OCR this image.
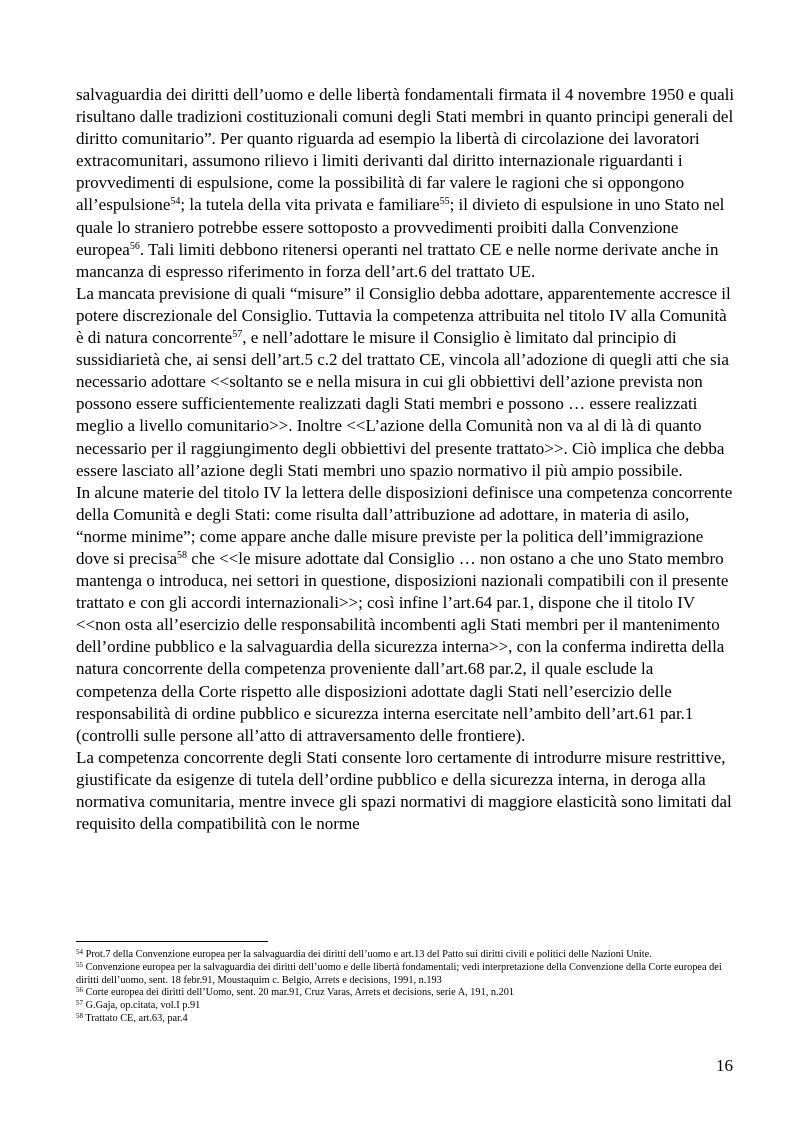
salvaguardia dei diritti dell’uomo e delle libertà fondamentali firmata il 4 novembre 1950 e quali risultano dalle tradizioni costituzionali comuni degli Stati membri in quanto principi generali del diritto comunitario”. Per quanto riguarda ad esempio la libertà di circolazione dei lavoratori extracomunitari, assumono rilievo i limiti derivanti dal diritto internazionale riguardanti i provvedimenti di espulsione, come la possibilità di far valere le ragioni che si oppongono all’espulsione$^{54}$; la tutela della vita privata e familiare$^{55}$; il divieto di espulsione in uno Stato nel quale lo straniero potrebbe essere sottoposto a provvedimenti proibiti dalla Convenzione europea$^{56}$. Tali limiti debbono ritenersi operanti nel trattato CE e nelle norme derivate anche in mancanza di espresso riferimento in forza dell’art.6 del trattato UE.

La mancata previsione di quali “misure” il Consiglio debba adottare, apparentemente accresce il potere discrezionale del Consiglio. Tuttavia la competenza attribuita nel titolo IV alla Comunità è di natura concorrente$^{57}$, e nell’adottare le misure il Consiglio è limitato dal principio di sussidiarietà che, ai sensi dell’art.5 c.2 del trattato CE, vincola all’adozione di quegli atti che sia necessario adottare <<soltanto se e nella misura in cui gli obbiettivi dell’azione prevista non possono essere sufficientemente realizzati dagli Stati membri e possono … essere realizzati meglio a livello comunitario>>. Inoltre <<L’azione della Comunità non va al di là di quanto necessario per il raggiungimento degli obbiettivi del presente trattato>>. Ciò implica che debba essere lasciato all’azione degli Stati membri uno spazio normativo il più ampio possibile.

In alcune materie del titolo IV la lettera delle disposizioni definisce una competenza concorrente della Comunità e degli Stati: come risulta dall’attribuzione ad adottare, in materia di asilo, “norme minime”; come appare anche dalle misure previste per la politica dell’immigrazione dove si precisa$^{58}$ che <<le misure adottate dal Consiglio … non ostano a che uno Stato membro mantenga o introduca, nei settori in questione, disposizioni nazionali compatibili con il presente trattato e con gli accordi internazionali>>; così infine l’art.64 par.1, dispone che il titolo IV <<non osta all’esercizio delle responsabilità incombenti agli Stati membri per il mantenimento dell’ordine pubblico e la salvaguardia della sicurezza interna>>, con la conferma indiretta della natura concorrente della competenza proveniente dall’art.68 par.2, il quale esclude la competenza della Corte rispetto alle disposizioni adottate dagli Stati nell’esercizio delle responsabilità di ordine pubblico e sicurezza interna esercitate nell’ambito dell’art.61 par.1 (controlli sulle persone all’atto di attraversamento delle frontiere).

La competenza concorrente degli Stati consente loro certamente di introdurre misure restrittive, giustificate da esigenze di tutela dell’ordine pubblico e della sicurezza interna, in deroga alla normativa comunitaria, mentre invece gli spazi normativi di maggiore elasticità sono limitati dal requisito della compatibilità con le norme

$^{54}$ Prot.7 della Convenzione europea per la salvaguardia dei diritti dell’uomo e art.13 del Patto sui diritti civili e politici delle Nazioni Unite.

$^{55}$ Convenzione europea per la salvaguardia dei diritti dell’uomo e delle libertà fondamentali; vedi interpretazione della Convenzione della Corte europea dei diritti dell’uomo, sent. 18 febr.91, Moustaquim c. Belgio, Arrets e decisions, 1991, n.193

$^{56}$ Corte europea dei diritti dell’Uomo, sent. 20 mar.91, Cruz Varas, Arrets et decisions, serie A, 191, n.201

$^{57}$ G.Gaja, op.citata, vol.I p.91

$^{58}$ Trattato CE, art.63, par.4

16
